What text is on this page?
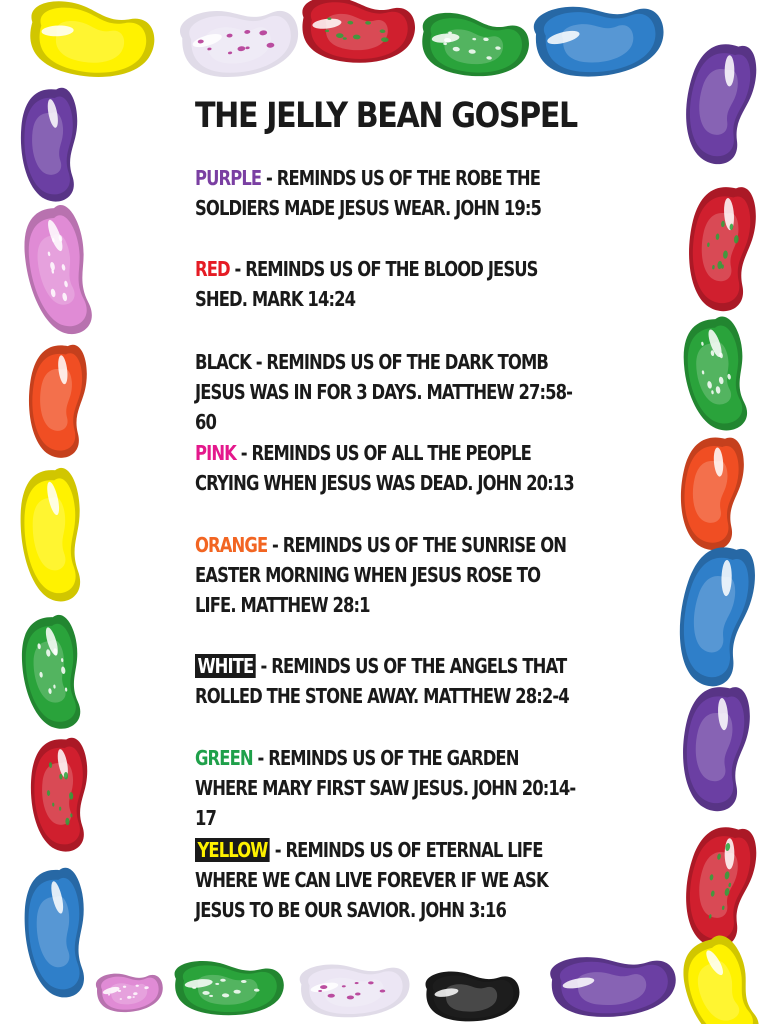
THE JELLY BEAN GOSPEL

PURPLE - REMINDS US OF THE ROBE THE SOLDIERS MADE JESUS WEAR. JOHN 19:5

RED - REMINDS US OF THE BLOOD JESUS SHED. MARK 14:24

BLACK - REMINDS US OF THE DARK TOMB JESUS WAS IN FOR 3 DAYS. MATTHEW 27:58-60

PINK - REMINDS US OF ALL THE PEOPLE CRYING WHEN JESUS WAS DEAD. JOHN 20:13

ORANGE - REMINDS US OF THE SUNRISE ON EASTER MORNING WHEN JESUS ROSE TO LIFE. MATTHEW 28:1

WHITE - REMINDS US OF THE ANGELS THAT ROLLED THE STONE AWAY. MATTHEW 28:2-4

GREEN - REMINDS US OF THE GARDEN WHERE MARY FIRST SAW JESUS. JOHN 20:14-17

YELLOW - REMINDS US OF ETERNAL LIFE WHERE WE CAN LIVE FOREVER IF WE ASK JESUS TO BE OUR SAVIOR. JOHN 3:16
